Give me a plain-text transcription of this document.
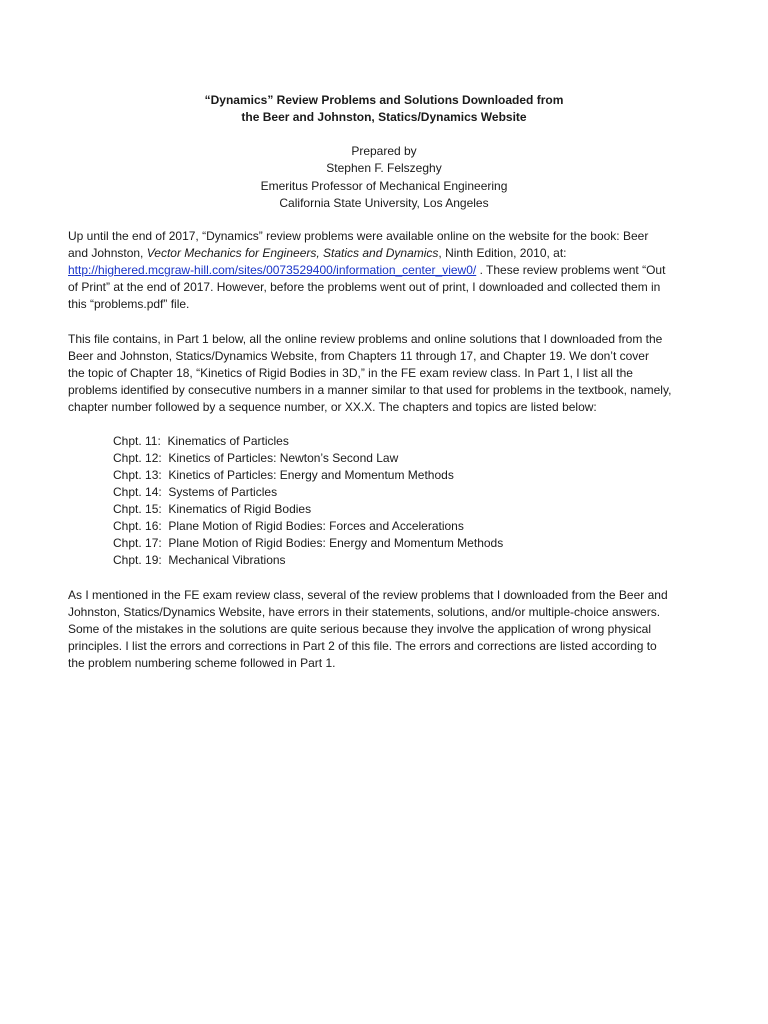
“Dynamics” Review Problems and Solutions Downloaded from
the Beer and Johnston, Statics/Dynamics Website
Prepared by
Stephen F. Felszeghy
Emeritus Professor of Mechanical Engineering
California State University, Los Angeles
Up until the end of 2017, “Dynamics” review problems were available online on the website for the book: Beer
and Johnston, Vector Mechanics for Engineers, Statics and Dynamics, Ninth Edition, 2010, at:
http://highered.mcgraw-hill.com/sites/0073529400/information_center_view0/ . These review problems went “Out
of Print” at the end of 2017. However, before the problems went out of print, I downloaded and collected them in
this “problems.pdf” file.
This file contains, in Part 1 below, all the online review problems and online solutions that I downloaded from the
Beer and Johnston, Statics/Dynamics Website, from Chapters 11 through 17, and Chapter 19. We don’t cover
the topic of Chapter 18, “Kinetics of Rigid Bodies in 3D,” in the FE exam review class. In Part 1, I list all the
problems identified by consecutive numbers in a manner similar to that used for problems in the textbook, namely,
chapter number followed by a sequence number, or XX.X. The chapters and topics are listed below:
Chpt. 11:  Kinematics of Particles
Chpt. 12:  Kinetics of Particles: Newton’s Second Law
Chpt. 13:  Kinetics of Particles: Energy and Momentum Methods
Chpt. 14:  Systems of Particles
Chpt. 15:  Kinematics of Rigid Bodies
Chpt. 16:  Plane Motion of Rigid Bodies: Forces and Accelerations
Chpt. 17:  Plane Motion of Rigid Bodies: Energy and Momentum Methods
Chpt. 19:  Mechanical Vibrations
As I mentioned in the FE exam review class, several of the review problems that I downloaded from the Beer and
Johnston, Statics/Dynamics Website, have errors in their statements, solutions, and/or multiple-choice answers.
Some of the mistakes in the solutions are quite serious because they involve the application of wrong physical
principles. I list the errors and corrections in Part 2 of this file. The errors and corrections are listed according to
the problem numbering scheme followed in Part 1.
